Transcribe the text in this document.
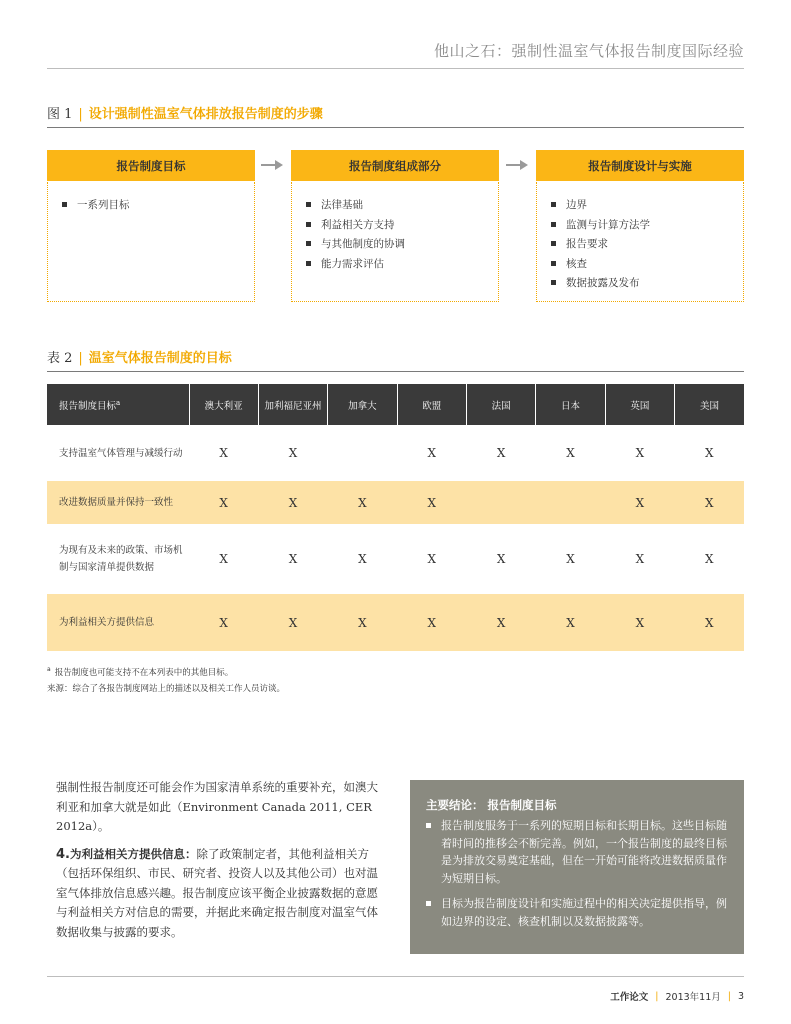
他山之石：强制性温室气体报告制度国际经验
图 1 | 设计强制性温室气体排放报告制度的步骤
报告制度目标
一系列目标
报告制度组成部分
法律基础
利益相关方支持
与其他制度的协调
能力需求评估
报告制度设计与实施
边界
监测与计算方法学
报告要求
核查
数据披露及发布
表 2 | 温室气体报告制度的目标
报告制度目标$^a$	澳大利亚	加利福尼亚州	加拿大	欧盟	法国	日本	英国	美国
支持温室气体管理与减缓行动	X	X		X	X	X	X	X
改进数据质量并保持一致性	X	X	X	X			X	X
为现有及未来的政策、市场机制与国家清单提供数据	X	X	X	X	X	X	X	X
为利益相关方提供信息	X	X	X	X	X	X	X	X
$^a$ 报告制度也可能支持不在本列表中的其他目标。
来源：综合了各报告制度网站上的描述以及相关工作人员访谈。

强制性报告制度还可能会作为国家清单系统的重要补充，如澳大利亚和加拿大就是如此（Environment Canada 2011, CER 2012a）。

4.为利益相关方提供信息：除了政策制定者，其他利益相关方（包括环保组织、市民、研究者、投资人以及其他公司）也对温室气体排放信息感兴趣。报告制度应该平衡企业披露数据的意愿与利益相关方对信息的需要，并据此来确定报告制度对温室气体数据收集与披露的要求。

主要结论： 报告制度目标
报告制度服务于一系列的短期目标和长期目标。这些目标随着时间的推移会不断完善。例如，一个报告制度的最终目标是为排放交易奠定基础，但在一开始可能将改进数据质量作为短期目标。
目标为报告制度设计和实施过程中的相关决定提供指导，例如边界的设定、核查机制以及数据披露等。
工作论文 | 2013年11月 | 3
